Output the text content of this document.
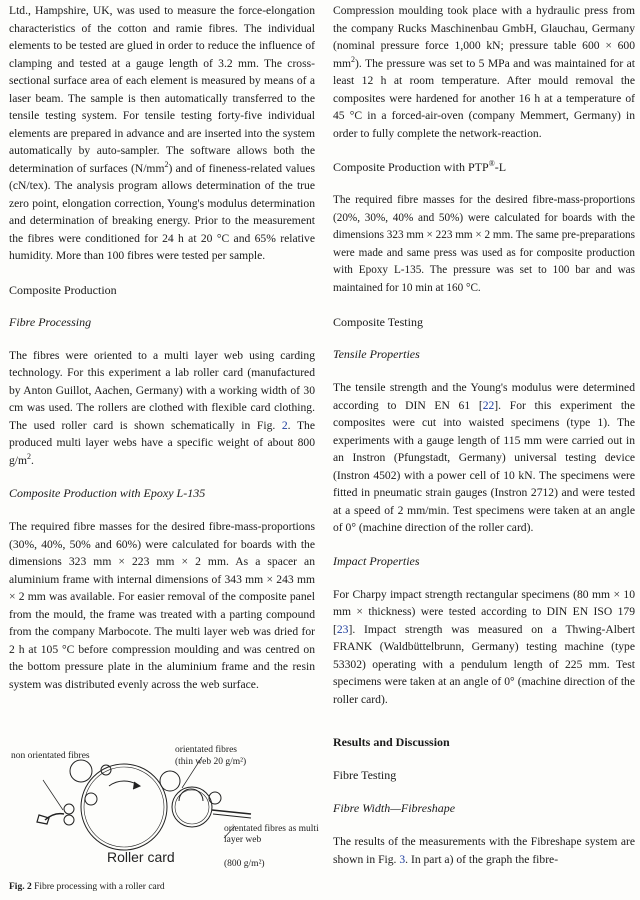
Ltd., Hampshire, UK, was used to measure the force-elongation characteristics of the cotton and ramie fibres. The individual elements to be tested are glued in order to reduce the influence of clamping and tested at a gauge length of 3.2 mm. The cross-sectional surface area of each element is measured by means of a laser beam. The sample is then automatically transferred to the tensile testing system. For tensile testing forty-five individual elements are prepared in advance and are inserted into the system automatically by auto-sampler. The software allows both the determination of surfaces $(N/mm^2)$ and of fineness-related values (cN/tex). The analysis program allows determination of the true zero point, elongation correction, Young's modulus determination and determination of breaking energy. Prior to the measurement the fibres were conditioned for 24 h at 20 °C and 65% relative humidity. More than 100 fibres were tested per sample.

Composite Production
Fibre Processing

The fibres were oriented to a multi layer web using carding technology. For this experiment a lab roller card (manufactured by Anton Guillot, Aachen, Germany) with a working width of 30 cm was used. The rollers are clothed with flexible card clothing. The used roller card is shown schematically in Fig. 2. The produced multi layer webs have a specific weight of about 800 $g/m^2$.

Composite Production with Epoxy L-135

The required fibre masses for the desired fibre-mass-proportions (30%, 40%, 50% and 60%) were calculated for boards with the dimensions 323 mm × 223 mm × 2 mm. As a spacer an aluminium frame with internal dimensions of 343 mm × 243 mm × 2 mm was available. For easier removal of the composite panel from the mould, the frame was treated with a parting compound from the company Marbocote. The multi layer web was dried for 2 h at 105 °C before compression moulding and was centred on the bottom pressure plate in the aluminium frame and the resin system was distributed evenly across the web surface.

non orientated fibres
orientated fibres
(thin web 20 g/m²)
orientated fibres as multi layer web
(800 g/m²)
Roller card
Fig. 2 Fibre processing with a roller card

Compression moulding took place with a hydraulic press from the company Rucks Maschinenbau GmbH, Glauchau, Germany (nominal pressure force 1,000 kN; pressure table 600 × 600 $mm^2$). The pressure was set to 5 MPa and was maintained for at least 12 h at room temperature. After mould removal the composites were hardened for another 16 h at a temperature of 45 °C in a forced-air-oven (company Memmert, Germany) in order to fully complete the network-reaction.

Composite Production with PTP®-L

The required fibre masses for the desired fibre-mass-proportions (20%, 30%, 40% and 50%) were calculated for boards with the dimensions 323 mm × 223 mm × 2 mm. The same pre-preparations were made and same press was used as for composite production with Epoxy L-135. The pressure was set to 100 bar and was maintained for 10 min at 160 °C.

Composite Testing
Tensile Properties

The tensile strength and the Young's modulus were determined according to DIN EN 61 [22]. For this experiment the composites were cut into waisted specimens (type 1). The experiments with a gauge length of 115 mm were carried out in an Instron (Pfungstadt, Germany) universal testing device (Instron 4502) with a power cell of 10 kN. The specimens were fitted in pneumatic strain gauges (Instron 2712) and were tested at a speed of 2 mm/min. Test specimens were taken at an angle of 0° (machine direction of the roller card).

Impact Properties

For Charpy impact strength rectangular specimens (80 mm × 10 mm × thickness) were tested according to DIN EN ISO 179 [23]. Impact strength was measured on a Thwing-Albert FRANK (Waldbüttelbrunn, Germany) testing machine (type 53302) operating with a pendulum length of 225 mm. Test specimens were taken at an angle of 0° (machine direction of the roller card).

Results and Discussion
Fibre Testing
Fibre Width—Fibreshape

The results of the measurements with the Fibreshape system are shown in Fig. 3. In part a) of the graph the fibre-
